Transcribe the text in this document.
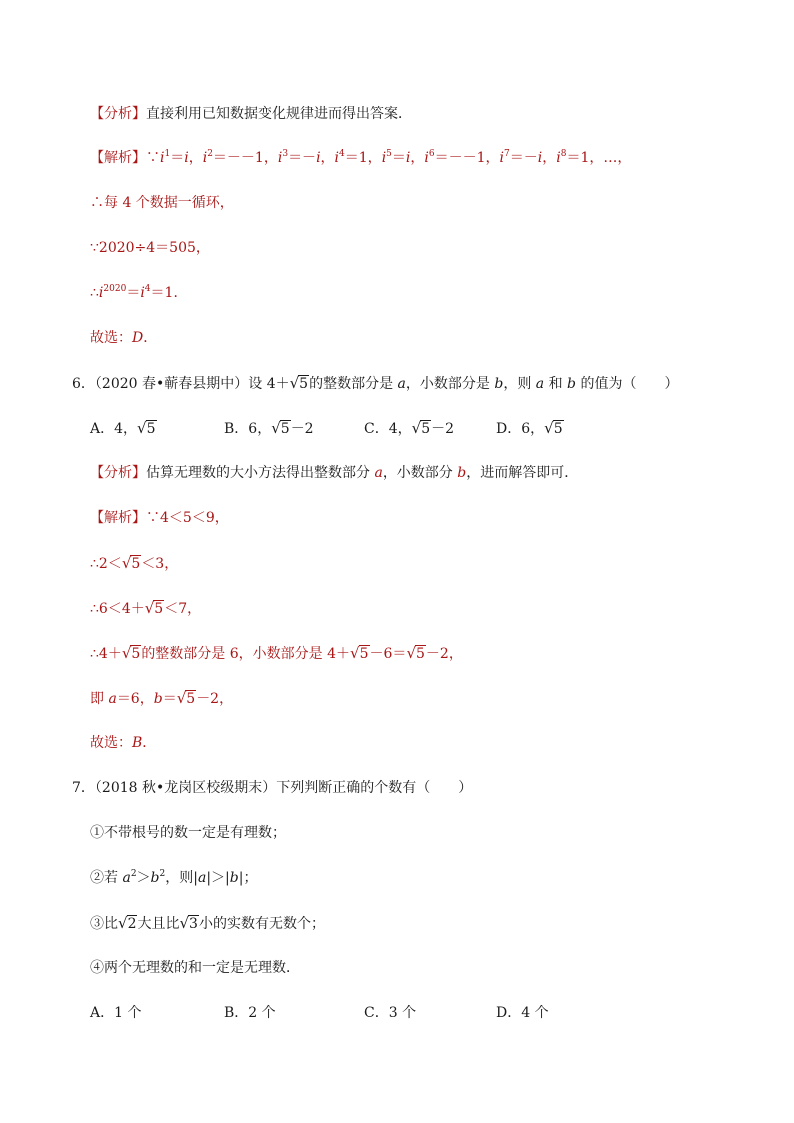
【分析】直接利用已知数据变化规律进而得出答案．
【解析】$\because i^1=i$，$i^2=--1$，$i^3=-i$，$i^4=1$，$i^5=i$，$i^6=--1$，$i^7=-i$，$i^8=1$，…，
∴每 4 个数据一循环，
∵2020÷4＝505，
$\therefore i^{2020}=i^4=1$．
故选：D．
6．（2020 春•蕲春县期中）设 4＋√5的整数部分是 a，小数部分是 b，则 a 和 b 的值为（　　）
A．4，√5	B．6，√5－2	C．4，√5－2	D．6，√5
【分析】估算无理数的大小方法得出整数部分 a，小数部分 b，进而解答即可．
【解析】∵4＜5＜9，
∴2＜√5＜3，
∴6＜4＋√5＜7，
∴4＋√5的整数部分是 6，小数部分是 4＋√5－6＝√5－2，
即 a＝6，b＝√5－2，
故选：B．
7．（2018 秋•龙岗区校级期末）下列判断正确的个数有（　　）
①不带根号的数一定是有理数；
②若 $a^2>b^2$，则|a|＞|b|；
③比√2大且比√3小的实数有无数个；
④两个无理数的和一定是无理数．
A．1 个	B．2 个	C．3 个	D．4 个
